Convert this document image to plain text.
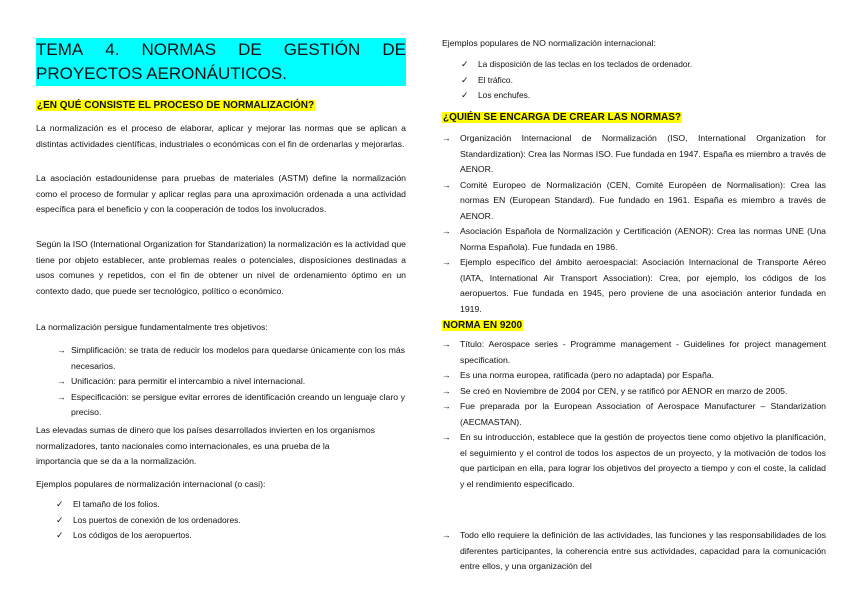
TEMA 4. NORMAS DE GESTIÓN DE
PROYECTOS AERONÁUTICOS.
¿EN QUÉ CONSISTE EL PROCESO DE NORMALIZACIÓN?

La normalización es el proceso de elaborar, aplicar y mejorar las normas que se aplican a distintas actividades científicas, industriales o económicas con el fin de ordenarlas y mejorarlas.

La asociación estadounidense para pruebas de materiales (ASTM) define la normalización como el proceso de formular y aplicar reglas para una aproximación ordenada a una actividad específica para el beneficio y con la cooperación de todos los involucrados.

Según la ISO (International Organization for Standarization) la normalización es la actividad que tiene por objeto establecer, ante problemas reales o potenciales, disposiciones destinadas a usos comunes y repetidos, con el fin de obtener un nivel de ordenamiento óptimo en un contexto dado, que puede ser tecnológico, político o económico.

La normalización persigue fundamentalmente tres objetivos:

→ Simplificación: se trata de reducir los modelos para quedarse únicamente con los más necesarios.
→ Unificación: para permitir el intercambio a nivel internacional.
→ Especificación: se persigue evitar errores de identificación creando un lenguaje claro y preciso.

Las elevadas sumas de dinero que los países desarrollados invierten en los organismos normalizadores, tanto nacionales como internacionales, es una prueba de la importancia que se da a la normalización.

Ejemplos populares de normalización internacional (o casi):

✓ El tamaño de los folios.
✓ Los puertos de conexión de los ordenadores.
✓ Los códigos de los aeropuertos.

Ejemplos populares de NO normalización internacional:

✓ La disposición de las teclas en los teclados de ordenador.
✓ El tráfico.
✓ Los enchufes.
¿QUIÉN SE ENCARGA DE CREAR LAS NORMAS?
→ Organización Internacional de Normalización (ISO, International Organization for Standardization): Crea las Normas ISO. Fue fundada en 1947. España es miembro a través de AENOR.
→ Comité Europeo de Normalización (CEN, Comité Européen de Normalisation): Crea las normas EN (European Standard). Fue fundado en 1961. España es miembro a través de AENOR.
→ Asociación Española de Normalización y Certificación (AENOR): Crea las normas UNE (Una Norma Española). Fue fundada en 1986.
→ Ejemplo específico del ámbito aeroespacial: Asociación Internacional de Transporte Aéreo (IATA, International Air Transport Association): Crea, por ejemplo, los códigos de los aeropuertos. Fue fundada en 1945, pero proviene de una asociación anterior fundada en 1919.
NORMA EN 9200
→ Título: Aerospace series - Programme management - Guidelines for project management specification.
→ Es una norma europea, ratificada (pero no adaptada) por España.
→ Se creó en Noviembre de 2004 por CEN, y se ratificó por AENOR en marzo de 2005.
→ Fue preparada por la European Association of Aerospace Manufacturer – Standarization (AECMASTAN).
→ En su introducción, establece que la gestión de proyectos tiene como objetivo la planificación, el seguimiento y el control de todos los aspectos de un proyecto, y la motivación de todos los que participan en ella, para lograr los objetivos del proyecto a tiempo y con el coste, la calidad y el rendimiento especificado.
→ Todo ello requiere la definición de las actividades, las funciones y las responsabilidades de los diferentes participantes, la coherencia entre sus actividades, capacidad para la comunicación entre ellos, y una organización del
